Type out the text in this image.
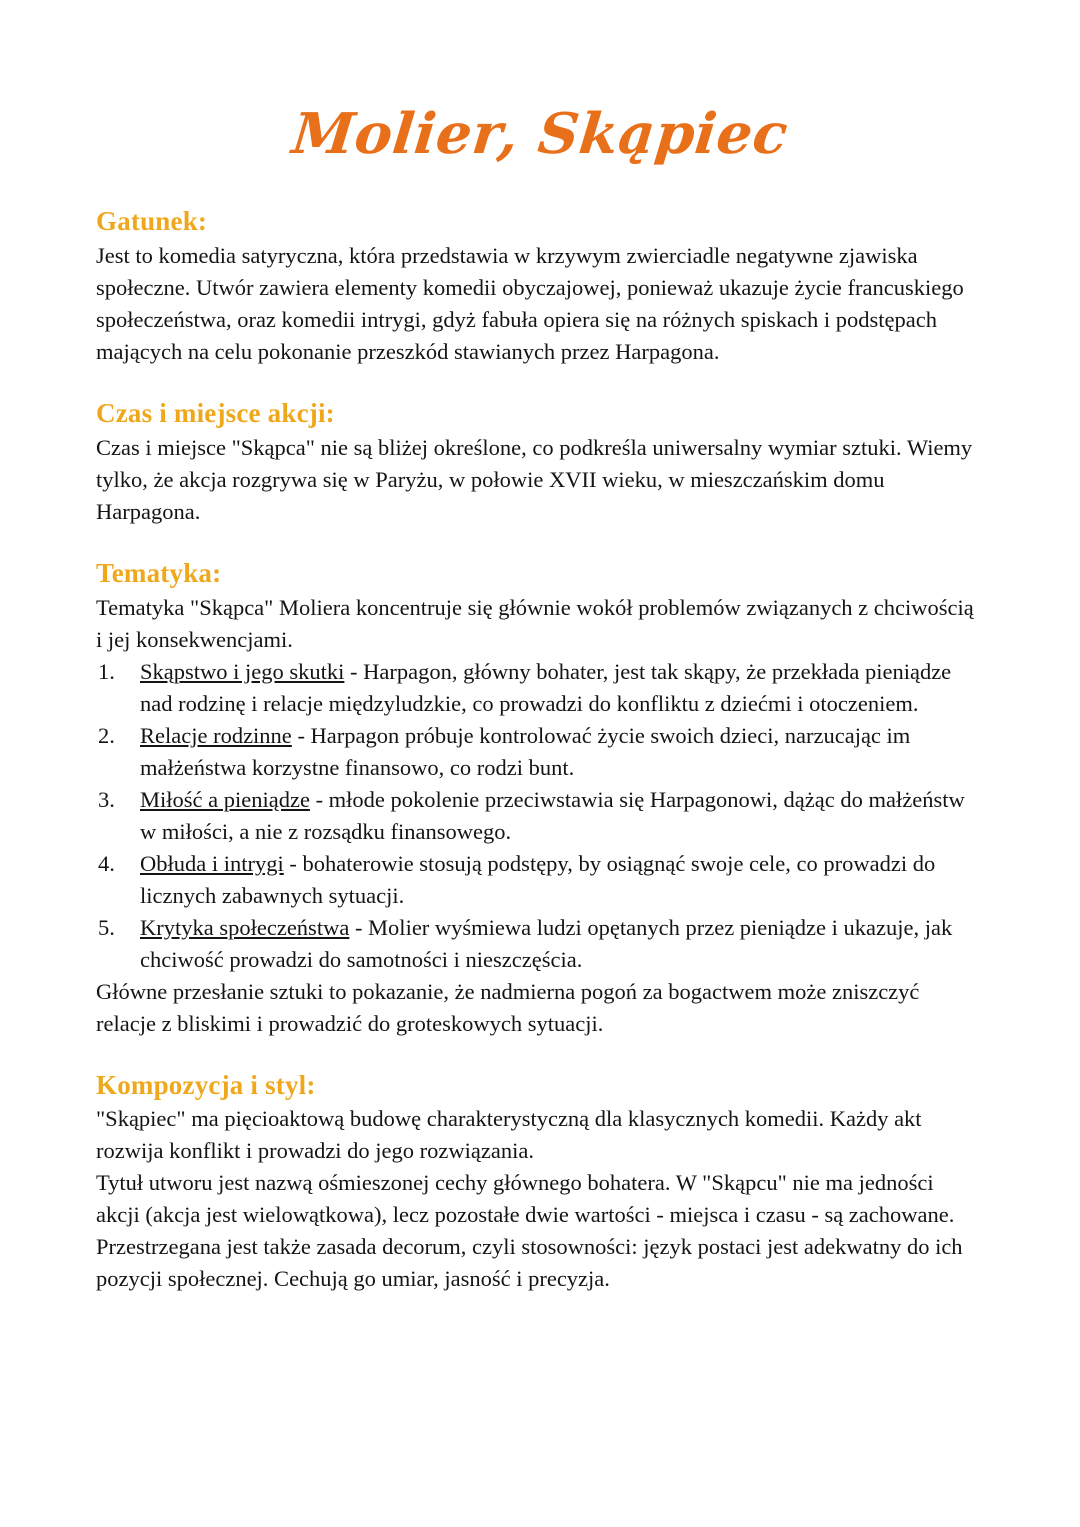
Molier, Skąpiec
Gatunek:

Jest to komedia satyryczna, która przedstawia w krzywym zwierciadle negatywne zjawiska społeczne. Utwór zawiera elementy komedii obyczajowej, ponieważ ukazuje życie francuskiego społeczeństwa, oraz komedii intrygi, gdyż fabuła opiera się na różnych spiskach i podstępach mających na celu pokonanie przeszkód stawianych przez Harpagona.

Czas i miejsce akcji:

Czas i miejsce "Skąpca" nie są bliżej określone, co podkreśla uniwersalny wymiar sztuki. Wiemy tylko, że akcja rozgrywa się w Paryżu, w połowie XVII wieku, w mieszczańskim domu Harpagona.

Tematyka:

Tematyka "Skąpca" Moliera koncentruje się głównie wokół problemów związanych z chciwością i jej konsekwencjami.

Skąpstwo i jego skutki - Harpagon, główny bohater, jest tak skąpy, że przekłada pieniądze nad rodzinę i relacje międzyludzkie, co prowadzi do konfliktu z dziećmi i otoczeniem.
Relacje rodzinne - Harpagon próbuje kontrolować życie swoich dzieci, narzucając im małżeństwa korzystne finansowo, co rodzi bunt.
Miłość a pieniądze - młode pokolenie przeciwstawia się Harpagonowi, dążąc do małżeństw w miłości, a nie z rozsądku finansowego.
Obłuda i intrygi - bohaterowie stosują podstępy, by osiągnąć swoje cele, co prowadzi do licznych zabawnych sytuacji.
Krytyka społeczeństwa - Molier wyśmiewa ludzi opętanych przez pieniądze i ukazuje, jak chciwość prowadzi do samotności i nieszczęścia.

Główne przesłanie sztuki to pokazanie, że nadmierna pogoń za bogactwem może zniszczyć relacje z bliskimi i prowadzić do groteskowych sytuacji.

Kompozycja i styl:

"Skąpiec" ma pięcioaktową budowę charakterystyczną dla klasycznych komedii. Każdy akt rozwija konflikt i prowadzi do jego rozwiązania.

Tytuł utworu jest nazwą ośmieszonej cechy głównego bohatera. W "Skąpcu" nie ma jedności akcji (akcja jest wielowątkowa), lecz pozostałe dwie wartości - miejsca i czasu - są zachowane. Przestrzegana jest także zasada decorum, czyli stosowności: język postaci jest adekwatny do ich pozycji społecznej. Cechują go umiar, jasność i precyzja.
